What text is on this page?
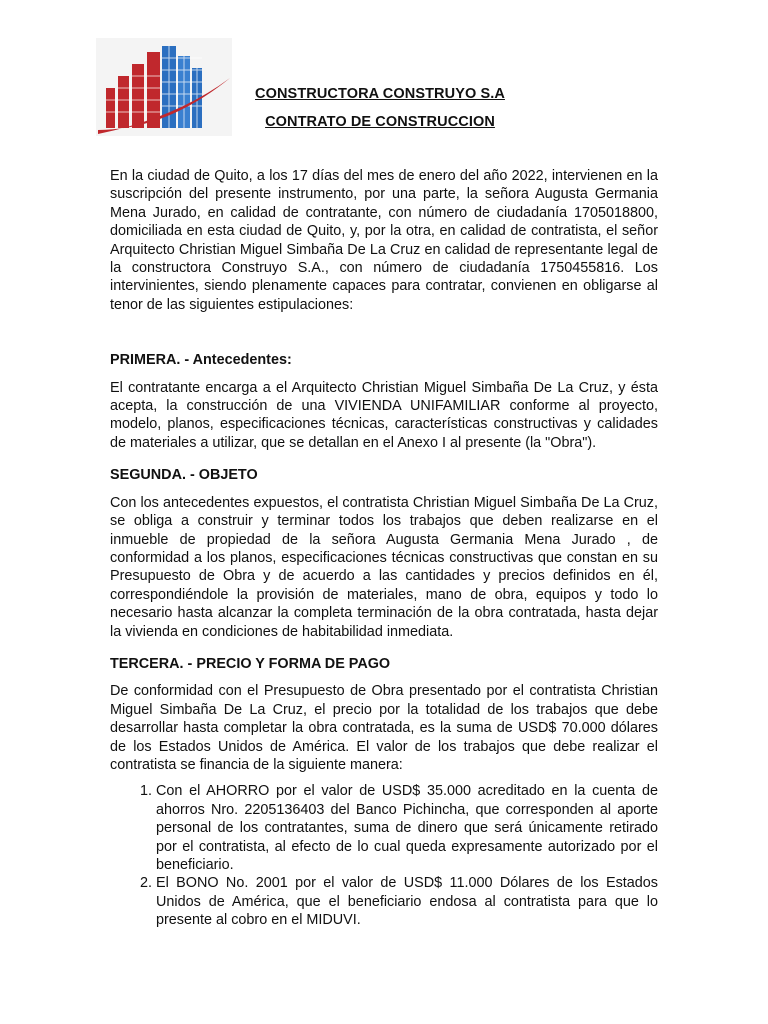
CONSTRUCTORA CONSTRUYO S.A
CONTRATO DE CONSTRUCCION

En la ciudad de Quito, a los 17 días del mes de enero del año 2022, intervienen en la suscripción del presente instrumento, por una parte, la señora Augusta Germania Mena Jurado, en calidad de contratante, con número de ciudadanía 1705018800, domiciliada en esta ciudad de Quito, y, por la otra, en calidad de contratista, el señor Arquitecto Christian Miguel Simbaña De La Cruz en calidad de representante legal de la constructora Construyo S.A., con número de ciudadanía 1750455816. Los intervinientes, siendo plenamente capaces para contratar, convienen en obligarse al tenor de las siguientes estipulaciones:

PRIMERA. - Antecedentes:

El contratante encarga a el Arquitecto Christian Miguel Simbaña De La Cruz, y ésta acepta, la construcción de una VIVIENDA UNIFAMILIAR conforme al proyecto, modelo, planos, especificaciones técnicas, características constructivas y calidades de materiales a utilizar, que se detallan en el Anexo I al presente (la "Obra").

SEGUNDA. - OBJETO

Con los antecedentes expuestos, el contratista Christian Miguel Simbaña De La Cruz, se obliga a construir y terminar todos los trabajos que deben realizarse en el inmueble de propiedad de la señora Augusta Germania Mena Jurado , de conformidad a los planos, especificaciones técnicas constructivas que constan en su Presupuesto de Obra y de acuerdo a las cantidades y precios definidos en él, correspondiéndole la provisión de materiales, mano de obra, equipos y todo lo necesario hasta alcanzar la completa terminación de la obra contratada, hasta dejar la vivienda en condiciones de habitabilidad inmediata.

TERCERA. - PRECIO Y FORMA DE PAGO

De conformidad con el Presupuesto de Obra presentado por el contratista Christian Miguel Simbaña De La Cruz, el precio por la totalidad de los trabajos que debe desarrollar hasta completar la obra contratada, es la suma de USD$ 70.000 dólares de los Estados Unidos de América. El valor de los trabajos que debe realizar el contratista se financia de la siguiente manera:

1. Con el AHORRO por el valor de USD$ 35.000 acreditado en la cuenta de ahorros Nro. 2205136403 del Banco Pichincha, que corresponden al aporte personal de los contratantes, suma de dinero que será únicamente retirado por el contratista, al efecto de lo cual queda expresamente autorizado por el beneficiario.
2. El BONO No. 2001 por el valor de USD$ 11.000 Dólares de los Estados Unidos de América, que el beneficiario endosa al contratista para que lo presente al cobro en el MIDUVI.
